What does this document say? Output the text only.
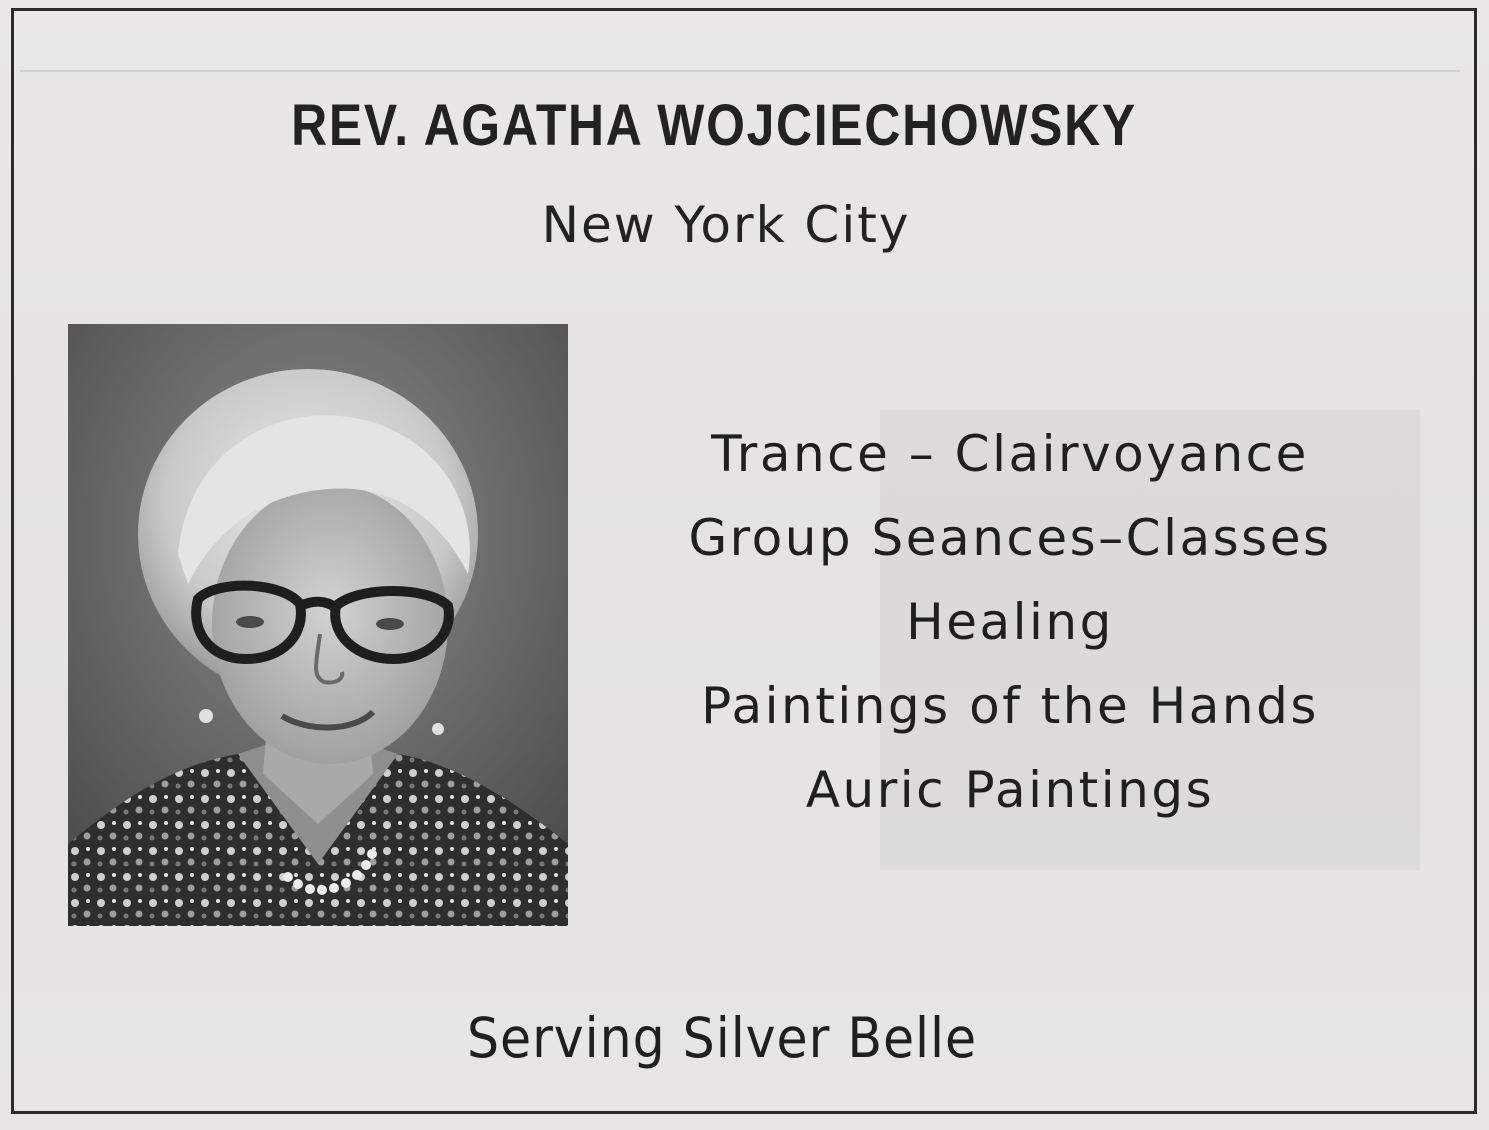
REV. AGATHA WOJCIECHOWSKY
New York City
Trance – Clairvoyance
Group Seances–Classes
Healing
Paintings of the Hands
Auric Paintings
Serving Silver Belle
